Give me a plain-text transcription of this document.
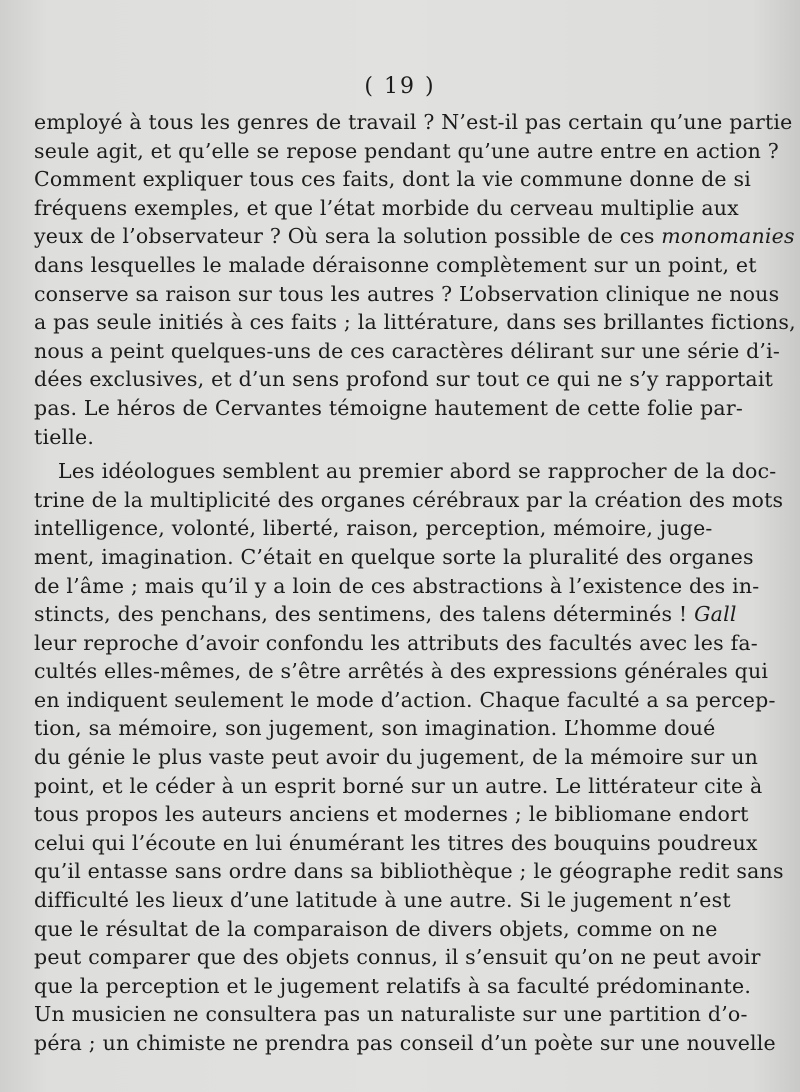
( 19 )

employé à tous les genres de travail ? N’est-il pas certain qu’une partie
seule agit, et qu’elle se repose pendant qu’une autre entre en action ?
Comment expliquer tous ces faits, dont la vie commune donne de si
fréquens exemples, et que l’état morbide du cerveau multiplie aux
yeux de l’observateur ? Où sera la solution possible de ces monomanies
dans lesquelles le malade déraisonne complètement sur un point, et
conserve sa raison sur tous les autres ? L’observation clinique ne nous
a pas seule initiés à ces faits ; la littérature, dans ses brillantes fictions,
nous a peint quelques-uns de ces caractères délirant sur une série d’i-
dées exclusives, et d’un sens profond sur tout ce qui ne s’y rapportait
pas. Le héros de Cervantes témoigne hautement de cette folie par-
tielle.

Les idéologues semblent au premier abord se rapprocher de la doc-
trine de la multiplicité des organes cérébraux par la création des mots
intelligence, volonté, liberté, raison, perception, mémoire, juge-
ment, imagination. C’était en quelque sorte la pluralité des organes
de l’âme ; mais qu’il y a loin de ces abstractions à l’existence des in-
stincts, des penchans, des sentimens, des talens déterminés ! Gall
leur reproche d’avoir confondu les attributs des facultés avec les fa-
cultés elles-mêmes, de s’être arrêtés à des expressions générales qui
en indiquent seulement le mode d’action. Chaque faculté a sa percep-
tion, sa mémoire, son jugement, son imagination. L’homme doué
du génie le plus vaste peut avoir du jugement, de la mémoire sur un
point, et le céder à un esprit borné sur un autre. Le littérateur cite à
tous propos les auteurs anciens et modernes ; le bibliomane endort
celui qui l’écoute en lui énumérant les titres des bouquins poudreux
qu’il entasse sans ordre dans sa bibliothèque ; le géographe redit sans
difficulté les lieux d’une latitude à une autre. Si le jugement n’est
que le résultat de la comparaison de divers objets, comme on ne
peut comparer que des objets connus, il s’ensuit qu’on ne peut avoir
que la perception et le jugement relatifs à sa faculté prédominante.
Un musicien ne consultera pas un naturaliste sur une partition d’o-
péra ; un chimiste ne prendra pas conseil d’un poète sur une nouvelle
